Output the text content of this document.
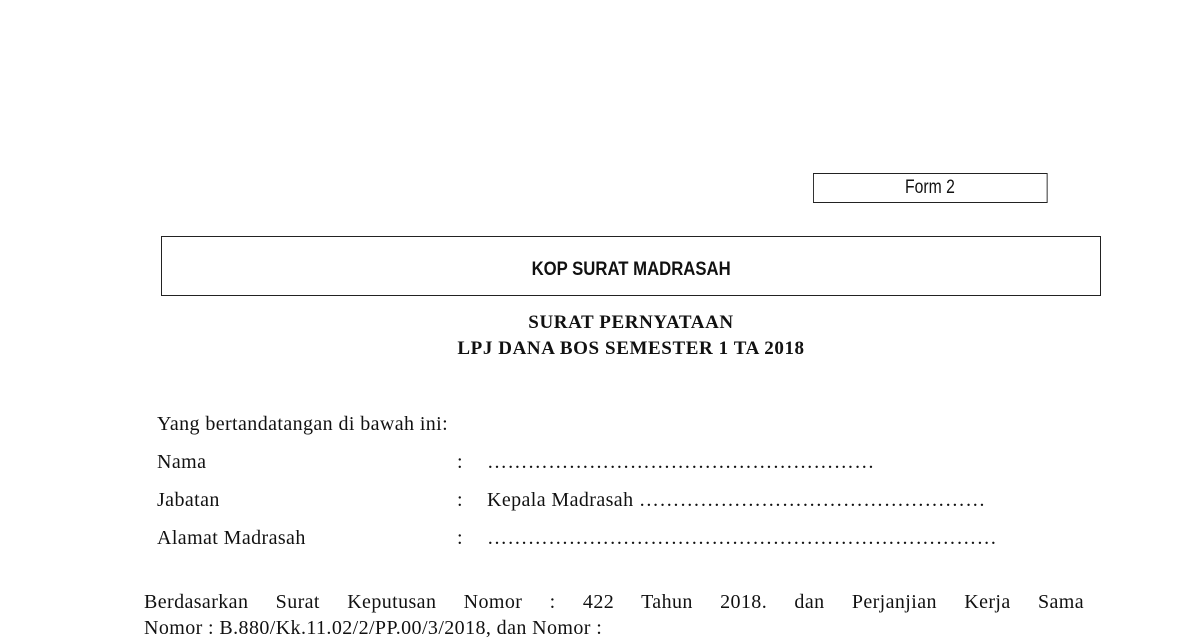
Form 2
KOP SURAT MADRASAH
SURAT PERNYATAAN
LPJ DANA BOS SEMESTER 1 TA 2018
Yang bertandatangan di bawah ini:
Nama	: …………………………………………………
Jabatan	: Kepala Madrasah ……………………………………………
Alamat Madrasah	: …………………………………………………………………
Berdasarkan Surat Keputusan Nomor : 422 Tahun 2018. dan Perjanjian Kerja Sama
Nomor : B.880/Kk.11.02/2/PP.00/3/2018, dan Nomor :
